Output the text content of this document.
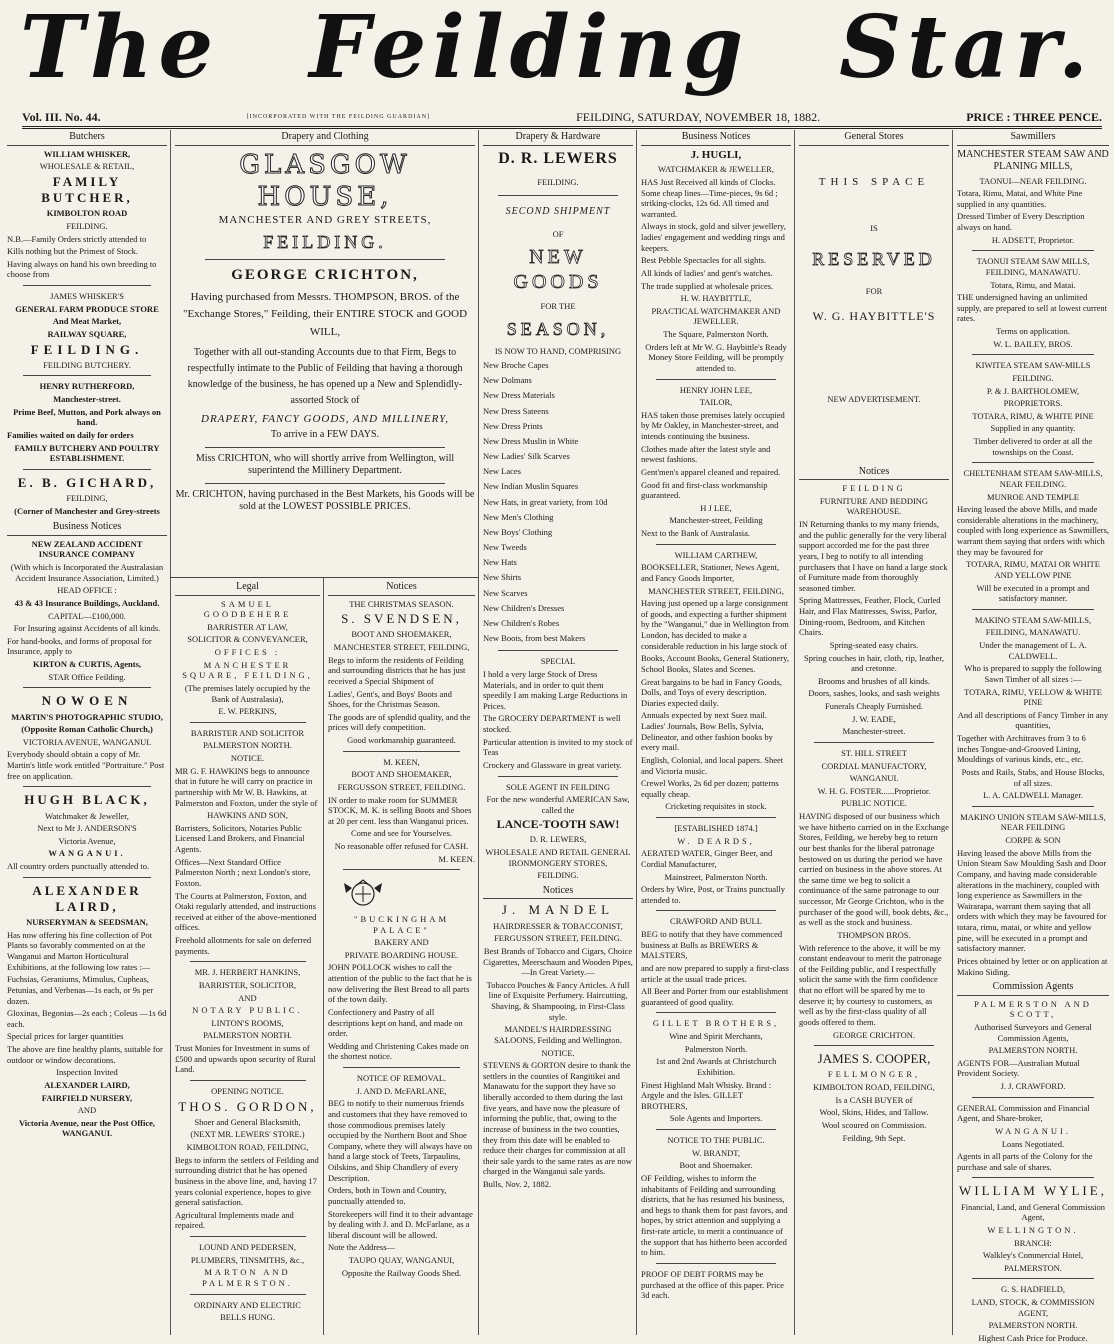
The Feilding Star.
Vol. III. No. 44.	[INCORPORATED WITH THE FEILDING GUARDIAN]	FEILDING, SATURDAY, NOVEMBER 18, 1882.	PRICE : THREE PENCE.
Butchers
WILLIAM WHISKER,
WHOLESALE & RETAIL,
FAMILY BUTCHER,
KIMBOLTON ROAD
FEILDING.
N.B.—Family Orders strictly attended to
Kills nothing but the Primest of Stock.
Having always on hand his own breeding to choose from
JAMES WHISKER'S
GENERAL FARM PRODUCE STORE
And Meat Market,
RAILWAY SQUARE,
FEILDING.
FEILDING BUTCHERY.
HENRY RUTHERFORD,
Manchester-street.
Prime Beef, Mutton, and Pork always on hand.
Families waited on daily for orders
FAMILY BUTCHERY AND POULTRY ESTABLISHMENT.
E. B. GICHARD,
FEILDING,
(Corner of Manchester and Grey-streets
Business Notices
NEW ZEALAND ACCIDENT INSURANCE COMPANY
(With which is Incorporated the Australasian Accident Insurance Association, Limited.)
HEAD OFFICE :
43 & 43 Insurance Buildings, Auckland.
CAPITAL—£100,000.
For Insuring against Accidents of all kinds.
For hand-books, and forms of proposal for Insurance, apply to
KIRTON & CURTIS, Agents,
STAR Office Feilding.
NOWOEN
MARTIN'S PHOTOGRAPHIC STUDIO,
(Opposite Roman Catholic Church,)
VICTORIA AVENUE, WANGANUI.
Everybody should obtain a copy of Mr. Martin's little work entitled "Portraiture." Post free on application.
HUGH BLACK,
Watchmaker & Jeweller,
Next to Mr J. ANDERSON'S
Victoria Avenue,
WANGANUI.
All country orders punctually attended to.
ALEXANDER LAIRD,
NURSERYMAN & SEEDSMAN,
Has now offering his fine collection of Pot Plants so favorably commented on at the Wanganui and Marton Horticultural Exhibitions, at the following low rates :—
Fuchsias, Geraniums, Mimulus, Cupheas, Petunias, and Verbenas—1s each, or 9s per dozen.
Gloxinas, Begonias—2s each ; Coleus —1s 6d each.
Special prices for larger quantities
The above are fine healthy plants, suitable for outdoor or window decorations.
Inspection Invited
ALEXANDER LAIRD,
FAIRFIELD NURSERY,
AND
Victoria Avenue, near the Post Office, WANGANUI.
Drapery and Clothing
GLASGOW HOUSE,
MANCHESTER AND GREY STREETS,
FEILDING.
GEORGE CRICHTON,
Having purchased from Messrs. THOMPSON, BROS. of the "Exchange Stores," Feilding, their ENTIRE STOCK and GOOD WILL,
Together with all out-standing Accounts due to that Firm, Begs to respectfully intimate to the Public of Feilding that having a thorough knowledge of the business, he has opened up a New and Splendidly-assorted Stock of
DRAPERY, FANCY GOODS, AND MILLINERY,
To arrive in a FEW DAYS.
Miss CRICHTON, who will shortly arrive from Wellington, will superintend the Millinery Department.
Mr. CRICHTON, having purchased in the Best Markets, his Goods will be sold at the LOWEST POSSIBLE PRICES.
Legal
SAMUEL GOODBEHERE
BARRISTER AT LAW,
SOLICITOR & CONVEYANCER,
OFFICES :
MANCHESTER SQUARE, FEILDING,
(The premises lately occupied by the Bank of Australasia),
E. W. PERKINS,
BARRISTER AND SOLICITOR
PALMERSTON NORTH.
NOTICE.
MR G. F. HAWKINS begs to announce that in future he will carry on practice in partnership with Mr W. B. Hawkins, at Palmerston and Foxton, under the style of
HAWKINS AND SON,
Barristers, Solicitors, Notaries Public Licensed Land Brokers, and Financial Agents.
Offices—Next Standard Office Palmerston North ; next London's store, Foxton.
The Courts at Palmerston, Foxton, and Otaki regularly attended, and instructions received at either of the above-mentioned offices.
Freehold allotments for sale on deferred payments.
MR. J. HERBERT HANKINS,
BARRISTER, SOLICITOR,
AND
NOTARY PUBLIC.
LINTON'S ROOMS,
PALMERSTON NORTH.
Trust Monies for Investment in sums of £500 and upwards upon security of Rural Land.
OPENING NOTICE.
THOS. GORDON,
Shoer and General Blacksmith,
(NEXT MR. LEWERS' STORE.)
KIMBOLTON ROAD, FEILDING,
Begs to inform the settlers of Feilding and surrounding district that he has opened business in the above line, and, having 17 years colonial experience, hopes to give general satisfaction.
Agricultural Implements made and repaired.
LOUND AND PEDERSEN,
PLUMBERS, TINSMITHS, &c.,
MARTON AND PALMERSTON.
ORDINARY AND ELECTRIC
BELLS HUNG.
Notices
THE CHRISTMAS SEASON.
S. SVENDSEN,
BOOT AND SHOEMAKER,
MANCHESTER STREET, FEILDING,
Begs to inform the residents of Feilding and surrounding districts that he has just received a Special Shipment of
Ladies', Gent's, and Boys' Boots and Shoes, for the Christmas Season.
The goods are of splendid quality, and the prices will defy competition.
Good workmanship guaranteed.
M. KEEN,
BOOT AND SHOEMAKER,
FERGUSSON STREET, FEILDING.
IN order to make room for SUMMER STOCK, M. K. is selling Boots and Shoes at 20 per cent. less than Wanganui prices.
Come and see for Yourselves.
No reasonable offer refused for CASH.
M. KEEN.
"BUCKINGHAM PALACE"
BAKERY AND
PRIVATE BOARDING HOUSE.
JOHN POLLOCK wishes to call the attention of the public to the fact that he is now delivering the Best Bread to all parts of the town daily.
Confectionery and Pastry of all descriptions kept on hand, and made on order.
Wedding and Christening Cakes made on the shortest notice.
NOTICE OF REMOVAL.
J. AND D. McFARLANE,
BEG to notify to their numerous friends and customers that they have removed to those commodious premises lately occupied by the Northern Boot and Shoe Company, where they will always have on hand a large stock of Teets, Tarpaulins, Oilskins, and Ship Chandlery of every Description.
Orders, both in Town and Country, punctually attended to.
Storekeepers will find it to their advantage by dealing with J. and D. McFarlane, as a liberal discount will be allowed.
Note the Address—
TAUPO QUAY, WANGANUI,
Opposite the Railway Goods Shed.
Drapery & Hardware
D. R. LEWERS
FEILDING.
SECOND SHIPMENT
OF
NEW GOODS
FOR THE
SEASON,
IS NOW TO HAND, COMPRISING
New Broche Capes
New Dolmans
New Dress Materials
New Dress Sateens
New Dress Prints
New Dress Muslin in White
New Ladies' Silk Scarves
New Laces
New Indian Muslin Squares
New Hats, in great variety, from 10d
New Men's Clothing
New Boys' Clothing
New Tweeds
New Hats
New Shirts
New Scarves
New Children's Dresses
New Children's Robes
New Boots, from best Makers
SPECIAL
I hold a very large Stock of Dress Materials, and in order to quit them speedily I am making Large Reductions in Prices.
The GROCERY DEPARTMENT is well stocked.
Particular attention is invited to my stock of Teas
Crockery and Glassware in great variety.
SOLE AGENT IN FEILDING
For the new wonderful AMERICAN Saw, called the
LANCE-TOOTH SAW!
D. R. LEWERS,
WHOLESALE AND RETAIL GENERAL IRONMONGERY STORES,
FEILDING.
Notices
J. MANDEL
HAIRDRESSER & TOBACCONIST,
FERGUSSON STREET, FEILDING.
Best Brands of Tobacco and Cigars, Choice Cigarettes, Meerschaum and Wooden Pipes, —In Great Variety.—
Tobacco Pouches & Fancy Articles. A full line of Exquisite Perfumery. Haircutting, Shaving, & Shampooing, in First-Class style.
MANDEL'S HAIRDRESSING SALOONS, Feilding and Wellington.
NOTICE.
STEVENS & GORTON desire to thank the settlers in the counties of Rangitikei and Manawatu for the support they have so liberally accorded to them during the last five years, and have now the pleasure of informing the public, that, owing to the increase of business in the two counties, they from this date will be enabled to reduce their charges for commission at all their sale yards to the same rates as are now charged in the Wanganui sale yards.
Bulls, Nov. 2, 1882.
Business Notices
J. HUGLI,
WATCHMAKER & JEWELLER,
HAS Just Received all kinds of Clocks. Some cheap lines—Time-pieces, 9s 6d ; striking-clocks, 12s 6d. All timed and warranted.
Always in stock, gold and silver jewellery, ladies' engagement and wedding rings and keepers.
Best Pebble Spectacles for all sights.
All kinds of ladies' and gent's watches.
The trade supplied at wholesale prices.
H. W. HAYBITTLE,
PRACTICAL WATCHMAKER AND JEWELLER.
The Square, Palmerston North.
Orders left at Mr W. G. Haybittle's Ready Money Store Feilding, will be promptly attended to.
HENRY JOHN LEE,
TAILOR,
HAS taken those premises lately occupied by Mr Oakley, in Manchester-street, and intends continuing the business.
Clothes made after the latest style and newest fashions.
Gent'men's apparel cleaned and repaired.
Good fit and first-class workmanship guaranteed.
H J LEE,
Manchester-street, Feilding
Next to the Bank of Australasia.
WILLIAM CARTHEW,
BOOKSELLER, Stationer, News Agent, and Fancy Goods Importer,
MANCHESTER STREET, FEILDING,
Having just opened up a large consignment of goods, and expecting a further shipment by the "Wanganui," due in Wellington from London, has decided to make a considerable reduction in his large stock of
Books, Account Books, General Stationery, School Books, Slates and Scenes.
Great bargains to be had in Fancy Goods, Dolls, and Toys of every description. Diaries expected daily.
Annuals expected by next Suez mail. Ladies' Journals, Bow Bells, Sylvia, Delineator, and other fashion books by every mail.
English, Colonial, and local papers. Sheet and Victoria music.
Crewel Works, 2s 6d per dozen; patterns equally cheap.
Cricketing requisites in stock.
[ESTABLISHED 1874.]
W. DEARDS,
AERATED WATER, Ginger Beer, and Cordial Manufacturer,
Mainstreet, Palmerston North.
Orders by Wire, Post, or Trains punctually attended to.
CRAWFORD AND BULL
BEG to notify that they have commenced business at Bulls as BREWERS & MALSTERS,
and are now prepared to supply a first-class article at the usual trade prices.
All Beer and Porter from our establishment guaranteed of good quality.
GILLET BROTHERS,
Wine and Spirit Merchants,
Palmerston North.
1st and 2nd Awards at Christchurch Exhibition.
Finest Highland Malt Whisky. Brand : Argyle and the Isles. GILLET BROTHERS,
Sole Agents and Importers.
NOTICE TO THE PUBLIC.
W. BRANDT,
Boot and Shoemaker.
OF Feilding, wishes to inform the inhabitants of Feilding and surrounding districts, that he has resumed his business, and begs to thank them for past favors, and hopes, by strict attention and supplying a first-rate article, to merit a continuance of the support that has hitherto been accorded to him.
PROOF OF DEBT FORMS may be purchased at the office of this paper. Price 3d each.
General Stores
THIS SPACE
IS
RESERVED
FOR
W. G. HAYBITTLE'S
NEW ADVERTISEMENT.
Notices
FEILDING
FURNITURE AND BEDDING WAREHOUSE.
IN Returning thanks to my many friends, and the public generally for the very liberal support accorded me for the past three years, I beg to notify to all intending purchasers that I have on hand a large stock of Furniture made from thoroughly seasoned timber.
Spring Mattresses, Feather, Flock, Curled Hair, and Flax Mattresses, Swiss, Parlor, Dining-room, Bedroom, and Kitchen Chairs.
Spring-seated easy chairs.
Spring couches in hair, cloth, rip, leather, and cretonne.
Brooms and brushes of all kinds.
Doors, sashes, looks, and sash weights
Funerals Cheaply Furnished.
J. W. EADE,
Manchester-street.
ST. HILL STREET
CORDIAL MANUFACTORY,
WANGANUI.
W. H. G. FOSTER......Proprietor.
PUBLIC NOTICE.
HAVING disposed of our business which we have hitherto carried on in the Exchange Stores, Feilding, we hereby beg to return our best thanks for the liberal patronage bestowed on us during the period we have carried on business in the above stores. At the same time we beg to solicit a continuance of the same patronage to our successor, Mr George Crichton, who is the purchaser of the good will, book debts, &c., as well as the stock and business.
THOMPSON BROS.
With reference to the above, it will be my constant endeavour to merit the patronage of the Feilding public, and I respectfully solicit the same with the firm confidence that no effort will be spared by me to deserve it; by courtesy to customers, as well as by the first-class quality of all goods offered to them.
GEORGE CRICHTON.
JAMES S. COOPER,
FELLMONGER,
KIMBOLTON ROAD, FEILDING,
Is a CASH BUYER of
Wool, Skins, Hides, and Tallow.
Wool scoured on Commission.
Feilding, 9th Sept.
Sawmillers
MANCHESTER STEAM SAW AND PLANING MILLS,
TAONUI—NEAR FEILDING.
Totara, Rimu, Matai, and White Pine supplied in any quantities.
Dressed Timber of Every Description always on hand.
H. ADSETT, Proprietor.
TAONUI STEAM SAW MILLS, FEILDING, MANAWATU.
Totara, Rimu, and Matai.
THE undersigned having an unlimited supply, are prepared to sell at lowest current rates.
Terms on application.
W. L. BAILEY, BROS.
KIWITEA STEAM SAW-MILLS
FEILDING.
P. & J. BARTHOLOMEW,
PROPRIETORS.
TOTARA, RIMU, & WHITE PINE
Supplied in any quantity.
Timber delivered to order at all the townships on the Coast.
CHELTENHAM STEAM SAW-MILLS, NEAR FEILDING.
MUNROE AND TEMPLE
Having leased the above Mills, and made considerable alterations in the machinery, coupled with long experience as Sawmillers, warrant them saying that orders with which they may be favoured for
TOTARA, RIMU, MATAI OR WHITE AND YELLOW PINE
Will be executed in a prompt and satisfactory manner.
MAKINO STEAM SAW-MILLS,
FEILDING, MANAWATU.
Under the management of L. A. CALDWELL.
Who is prepared to supply the following Sawn Timber of all sizes :—
TOTARA, RIMU, YELLOW & WHITE PINE
And all descriptions of Fancy Timber in any quantities,
Together with Architraves from 3 to 6 inches Tongue-and-Grooved Lining, Mouldings of various kinds, etc., etc.
Posts and Rails, Stabs, and House Blocks, of all sizes.
L. A. CALDWELL Manager.
MAKINO UNION STEAM SAW-MILLS, NEAR FEILDING
CORPE & SON
Having leased the above Mills from the Union Steam Saw Moulding Sash and Door Company, and having made considerable alterations in the machinery, coupled with long experience as Sawmillers in the Wairarapa, warrant them saying that all orders with which they may be favoured for totara, rimu, matai, or white and yellow pine, will be executed in a prompt and satisfactory manner.
Prices obtained by letter or on application at Makino Siding.
Commission Agents
PALMERSTON AND SCOTT,
Authorised Surveyors and General Commission Agents,
PALMERSTON NORTH.
AGENTS FOR—Australian Mutual Provident Society.
J. J. CRAWFORD.
GENERAL Commission and Financial Agent, and Share-broker,
WANGANUI.
Loans Negotiated.
Agents in all parts of the Colony for the purchase and sale of shares.
WILLIAM WYLIE,
Financial, Land, and General Commission Agent,
WELLINGTON.
BRANCH:
Walkley's Commercial Hotel,
PALMERSTON.
G. S. HADFIELD,
LAND, STOCK, & COMMISSION AGENT,
PALMERSTON NORTH.
Highest Cash Price for Produce.
